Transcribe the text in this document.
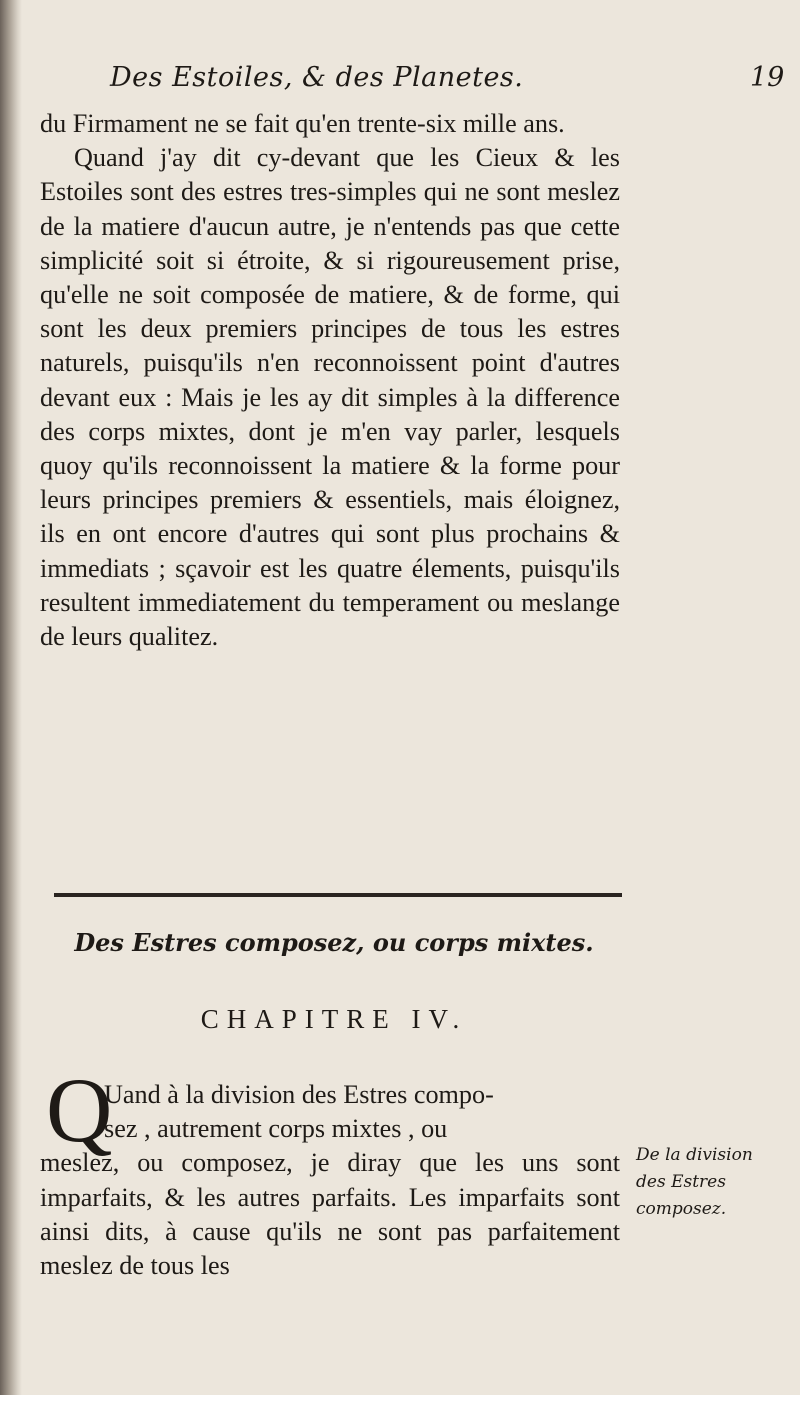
Des Estoiles, & des Planetes.	19
du Firmament ne se fait qu'en trente-six mille ans.
Quand j'ay dit cy-devant que les Cieux & les Estoiles sont des estres tres-simples qui ne sont meslez de la matiere d'aucun autre, je n'entends pas que cette simplicité soit si étroite, & si rigoureusement prise, qu'elle ne soit composée de matiere, & de forme, qui sont les deux premiers principes de tous les estres naturels, puisqu'ils n'en reconnoissent point d'autres devant eux : Mais je les ay dit simples à la difference des corps mixtes, dont je m'en vay parler, lesquels quoy qu'ils reconnoissent la matiere & la forme pour leurs principes premiers & essentiels, mais éloignez, ils en ont encore d'autres qui sont plus prochains & immediats ; sçavoir est les quatre élements, puisqu'ils resultent immediatement du temperament ou meslange de leurs qualitez.
Des Estres composez, ou corps mixtes.
CHAPITRE IV.
Q
Uand à la division des Estres compo-
sez , autrement corps mixtes , ou
meslez, ou composez, je diray que les uns sont imparfaits, & les autres parfaits. Les imparfaits sont ainsi dits, à cause qu'ils ne sont pas parfaitement meslez de tous les
De la division des Estres composez.
